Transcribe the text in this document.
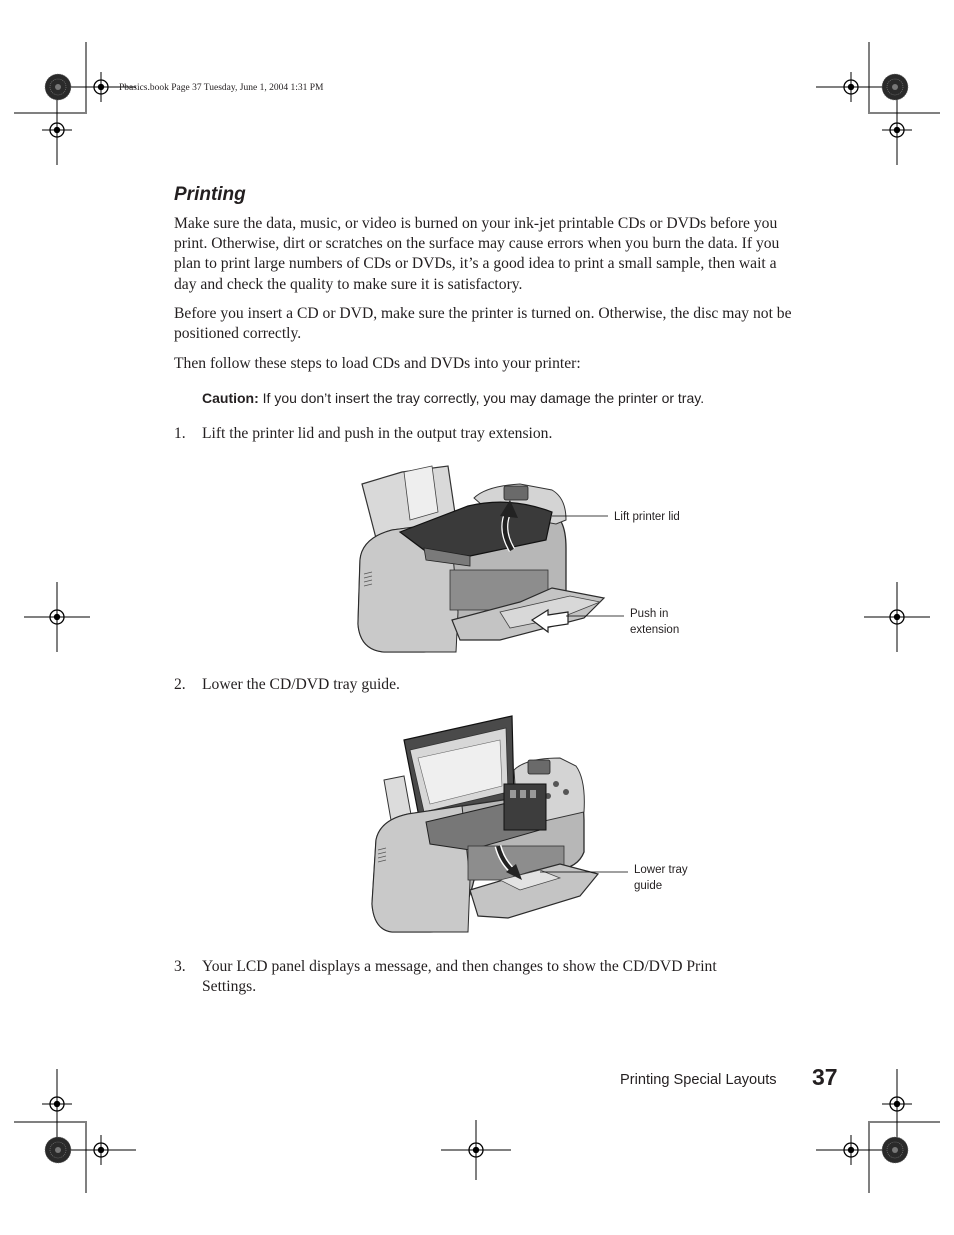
Pbasics.book Page 37 Tuesday, June 1, 2004 1:31 PM
Printing
Make sure the data, music, or video is burned on your ink-jet printable CDs or DVDs before you print. Otherwise, dirt or scratches on the surface may cause errors when you burn the data. If you plan to print large numbers of CDs or DVDs, it’s a good idea to print a small sample, then wait a day and check the quality to make sure it is satisfactory.
Before you insert a CD or DVD, make sure the printer is turned on. Otherwise, the disc may not be positioned correctly.
Then follow these steps to load CDs and DVDs into your printer:
Caution: If you don’t insert the tray correctly, you may damage the printer or tray.
1. Lift the printer lid and push in the output tray extension.
Lift printer lid
Push in
extension
2. Lower the CD/DVD tray guide.
Lower tray
guide
3. Your LCD panel displays a message, and then changes to show the CD/DVD Print Settings.
Printing Special Layouts 37
